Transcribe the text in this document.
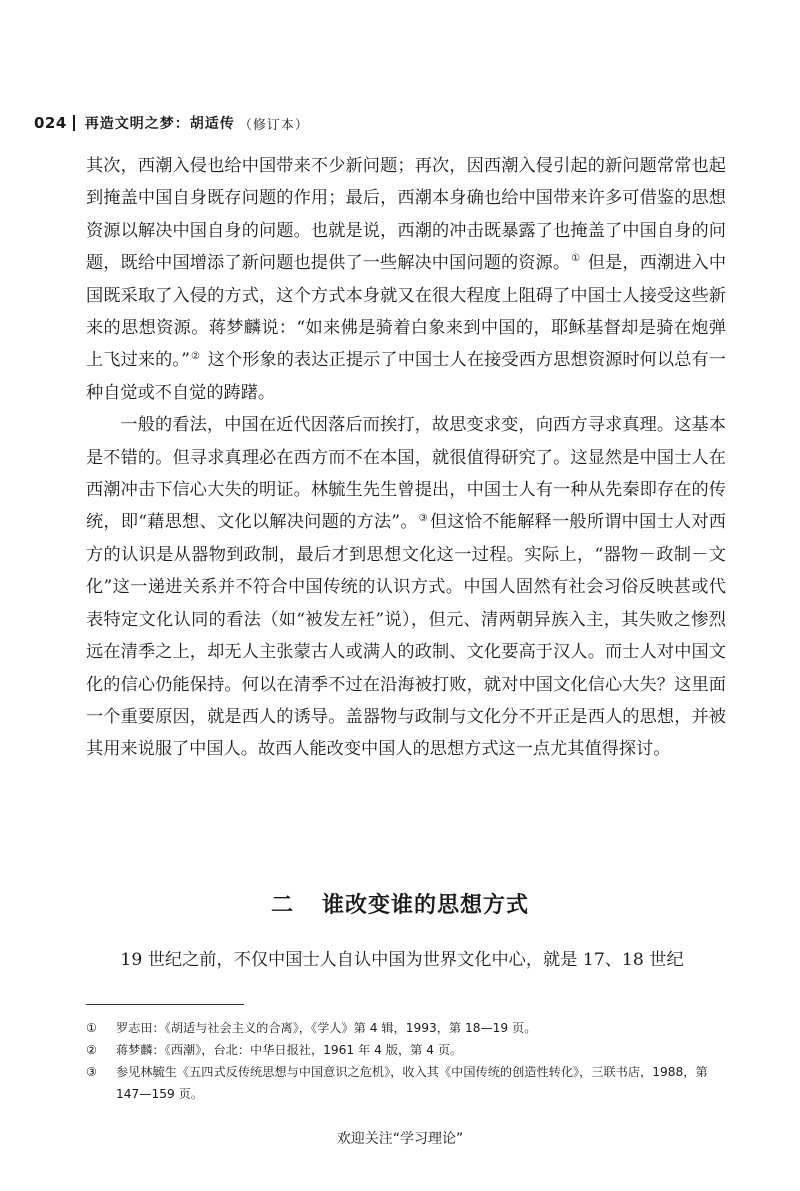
024 再造文明之梦：胡适传 （修订本）

其次，西潮入侵也给中国带来不少新问题；再次，因西潮入侵引起的新问题常常也起到掩盖中国自身既存问题的作用；最后，西潮本身确也给中国带来许多可借鉴的思想资源以解决中国自身的问题。也就是说，西潮的冲击既暴露了也掩盖了中国自身的问题，既给中国增添了新问题也提供了一些解决中国问题的资源。① 但是，西潮进入中国既采取了入侵的方式，这个方式本身就又在很大程度上阻碍了中国士人接受这些新来的思想资源。蒋梦麟说：“如来佛是骑着白象来到中国的，耶稣基督却是骑在炮弹上飞过来的。”② 这个形象的表达正提示了中国士人在接受西方思想资源时何以总有一种自觉或不自觉的踌躇。

一般的看法，中国在近代因落后而挨打，故思变求变，向西方寻求真理。这基本是不错的。但寻求真理必在西方而不在本国，就很值得研究了。这显然是中国士人在西潮冲击下信心大失的明证。林毓生先生曾提出，中国士人有一种从先秦即存在的传统，即“藉思想、文化以解决问题的方法”。③ 但这恰不能解释一般所谓中国士人对西方的认识是从器物到政制，最后才到思想文化这一过程。实际上，“器物－政制－文化”这一递进关系并不符合中国传统的认识方式。中国人固然有社会习俗反映甚或代表特定文化认同的看法（如“被发左衽”说），但元、清两朝异族入主，其失败之惨烈远在清季之上，却无人主张蒙古人或满人的政制、文化要高于汉人。而士人对中国文化的信心仍能保持。何以在清季不过在沿海被打败，就对中国文化信心大失？这里面一个重要原因，就是西人的诱导。盖器物与政制与文化分不开正是西人的思想，并被其用来说服了中国人。故西人能改变中国人的思想方式这一点尤其值得探讨。

二 谁改变谁的思想方式

19 世纪之前，不仅中国士人自认中国为世界文化中心，就是 17、18 世纪

①	罗志田：《胡适与社会主义的合离》，《学人》第 4 辑，1993，第 18—19 页。
②	蒋梦麟：《西潮》，台北：中华日报社，1961 年 4 版，第 4 页。
③	参见林毓生《五四式反传统思想与中国意识之危机》，收入其《中国传统的创造性转化》，三联书店，1988，第 147—159 页。
欢迎关注“学习理论”
